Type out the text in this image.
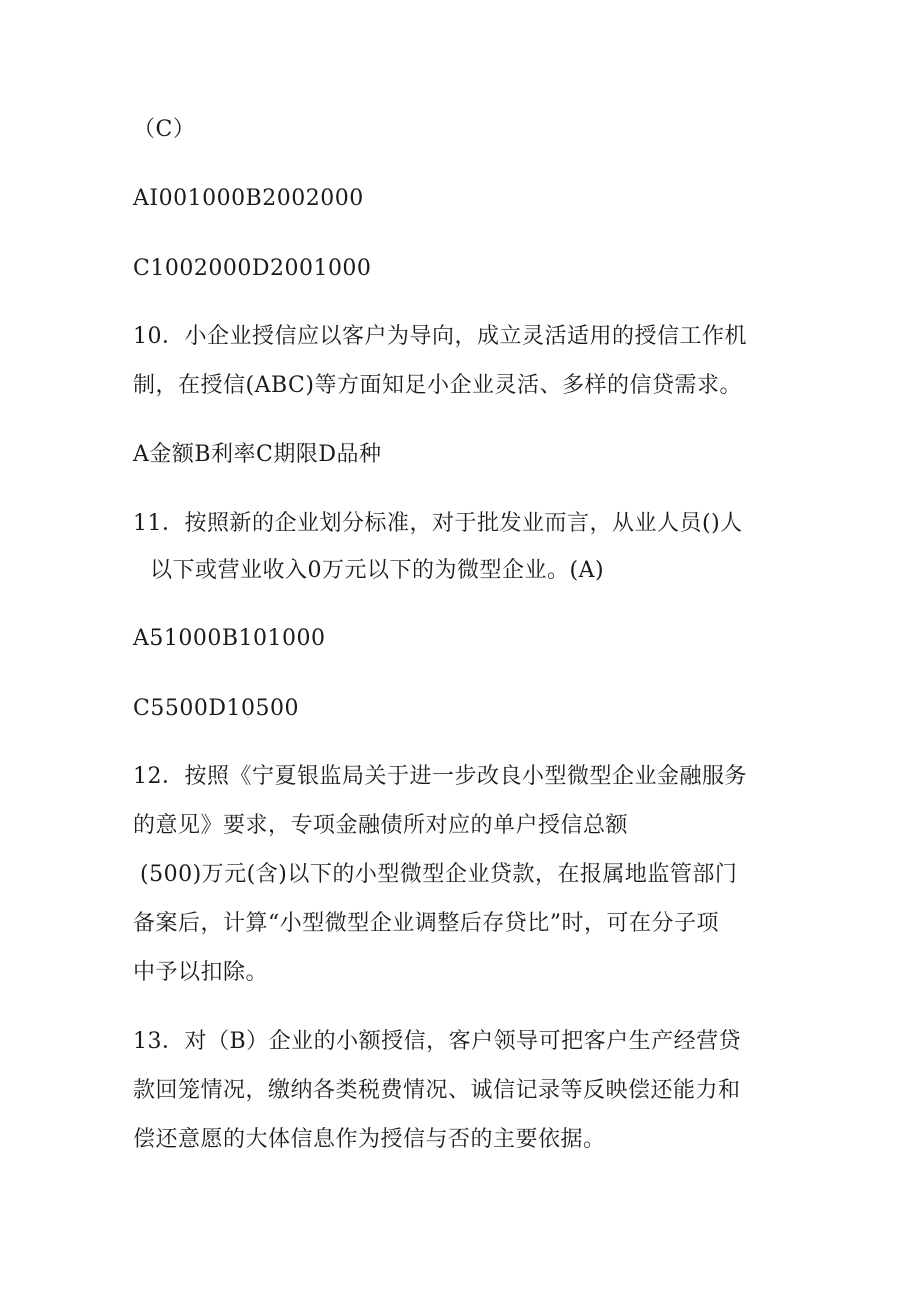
（C）
AI001000B2002000
C1002000D2001000
10．小企业授信应以客户为导向，成立灵活适用的授信工作机
制，在授信(ABC)等方面知足小企业灵活、多样的信贷需求。
A金额B利率C期限D品种
11．按照新的企业划分标准，对于批发业而言，从业人员()人
以下或营业收入0万元以下的为微型企业。(A)
A51000B101000
C5500D10500
12．按照《宁夏银监局关于进一步改良小型微型企业金融服务
的意见》要求，专项金融债所对应的单户授信总额
(500)万元(含)以下的小型微型企业贷款，在报属地监管部门
备案后，计算“小型微型企业调整后存贷比”时，可在分子项
中予以扣除。
13．对（B）企业的小额授信，客户领导可把客户生产经营贷
款回笼情况，缴纳各类税费情况、诚信记录等反映偿还能力和
偿还意愿的大体信息作为授信与否的主要依据。
